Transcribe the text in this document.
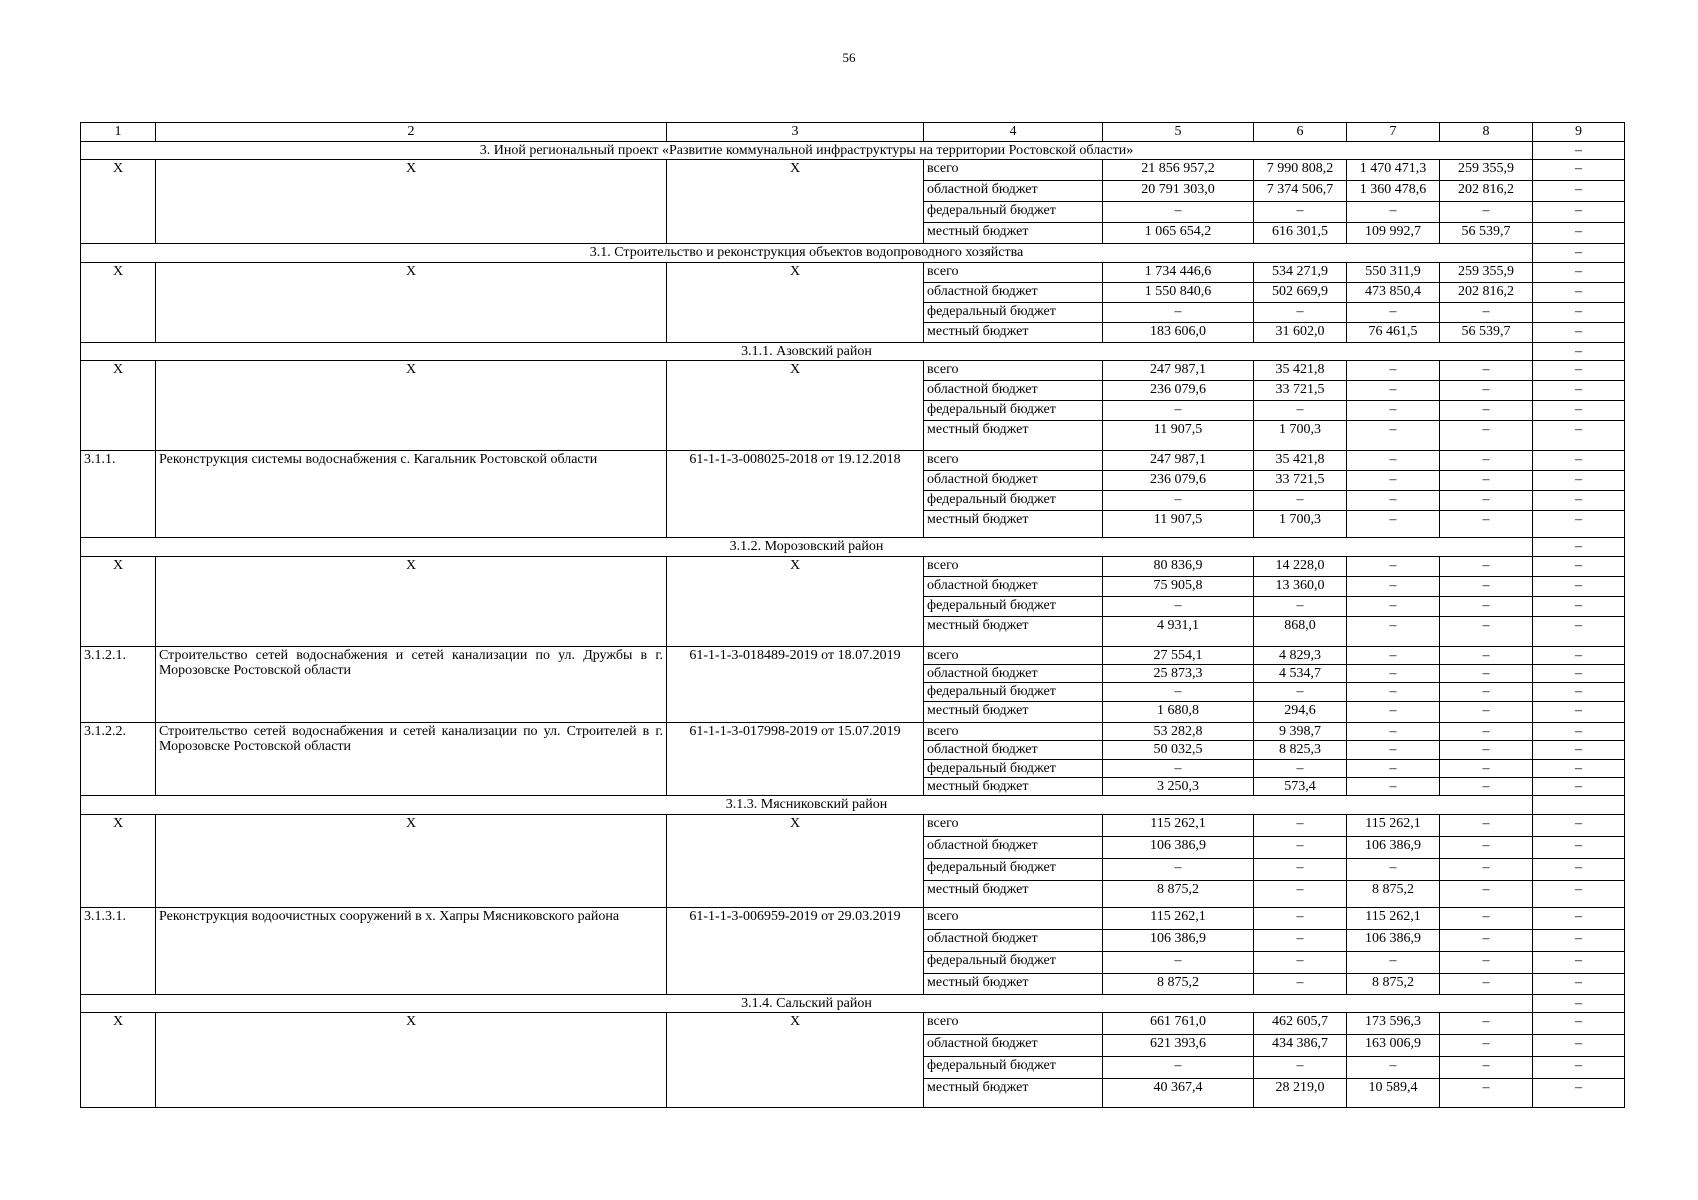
56
1	2	3	4	5	6	7	8	9
3. Иной региональный проект «Развитие коммунальной инфраструктуры на территории Ростовской области»								–
X	X	X	всего	21 856 957,2	7 990 808,2	1 470 471,3	259 355,9	–
			областной бюджет	20 791 303,0	7 374 506,7	1 360 478,6	202 816,2	–
			федеральный бюджет	–	–	–	–	–
			местный бюджет	1 065 654,2	616 301,5	109 992,7	56 539,7	–
3.1. Строительство и реконструкция объектов водопроводного хозяйства								–
X	X	X	всего	1 734 446,6	534 271,9	550 311,9	259 355,9	–
			областной бюджет	1 550 840,6	502 669,9	473 850,4	202 816,2	–
			федеральный бюджет	–	–	–	–	–
			местный бюджет	183 606,0	31 602,0	76 461,5	56 539,7	–
3.1.1. Азовский район								–
X	X	X	всего	247 987,1	35 421,8	–	–	–
			областной бюджет	236 079,6	33 721,5	–	–	–
			федеральный бюджет	–	–	–	–	–
			местный бюджет	11 907,5	1 700,3	–	–	–
3.1.1.	Реконструкция системы водоснабжения с. Кагальник Ростовской области	61-1-1-3-008025-2018 от 19.12.2018	всего	247 987,1	35 421,8	–	–	–
			областной бюджет	236 079,6	33 721,5	–	–	–
			федеральный бюджет	–	–	–	–	–
			местный бюджет	11 907,5	1 700,3	–	–	–
3.1.2. Морозовский район								–
X	X	X	всего	80 836,9	14 228,0	–	–	–
			областной бюджет	75 905,8	13 360,0	–	–	–
			федеральный бюджет	–	–	–	–	–
			местный бюджет	4 931,1	868,0	–	–	–
3.1.2.1.	Строительство сетей водоснабжения и сетей канализации по ул. Дружбы в г. Морозовске Ростовской области	61-1-1-3-018489-2019 от 18.07.2019	всего	27 554,1	4 829,3	–	–	–
			областной бюджет	25 873,3	4 534,7	–	–	–
			федеральный бюджет	–	–	–	–	–
			местный бюджет	1 680,8	294,6	–	–	–
3.1.2.2.	Строительство сетей водоснабжения и сетей канализации по ул. Строителей в г. Морозовске Ростовской области	61-1-1-3-017998-2019 от 15.07.2019	всего	53 282,8	9 398,7	–	–	–
			областной бюджет	50 032,5	8 825,3	–	–	–
			федеральный бюджет	–	–	–	–	–
			местный бюджет	3 250,3	573,4	–	–	–
3.1.3. Мясниковский район								
X	X	X	всего	115 262,1	–	115 262,1	–	–
			областной бюджет	106 386,9	–	106 386,9	–	–
			федеральный бюджет	–	–	–	–	–
			местный бюджет	8 875,2	–	8 875,2	–	–
3.1.3.1.	Реконструкция водоочистных сооружений в х. Хапры Мясниковского района	61-1-1-3-006959-2019 от 29.03.2019	всего	115 262,1	–	115 262,1	–	–
			областной бюджет	106 386,9	–	106 386,9	–	–
			федеральный бюджет	–	–	–	–	–
			местный бюджет	8 875,2	–	8 875,2	–	–
3.1.4. Сальский район								–
X	X	X	всего	661 761,0	462 605,7	173 596,3	–	–
			областной бюджет	621 393,6	434 386,7	163 006,9	–	–
			федеральный бюджет	–	–	–	–	–
			местный бюджет	40 367,4	28 219,0	10 589,4	–	–
